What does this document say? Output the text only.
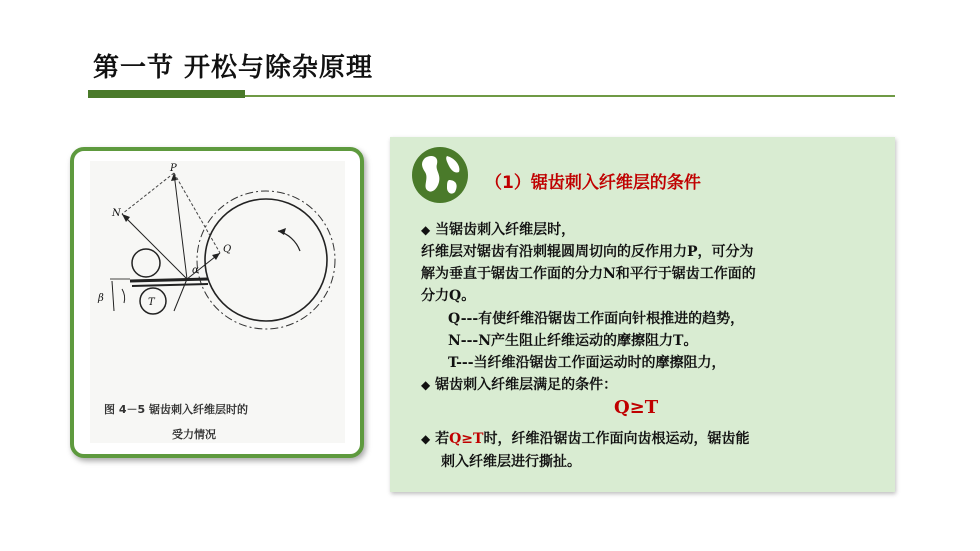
第一节 开松与除杂原理
P
N
Q
T
α
β
图 4－5 锯齿刺入纤维层时的
受力情况
（1）锯齿刺入纤维层的条件
◆ 当锯齿刺入纤维层时，
纤维层对锯齿有沿刺辊圆周切向的反作用力P，可分为
解为垂直于锯齿工作面的分力N和平行于锯齿工作面的
分力Q。
Q---有使纤维沿锯齿工作面向针根推进的趋势，
N---N产生阻止纤维运动的摩擦阻力T。
T---当纤维沿锯齿工作面运动时的摩擦阻力，
◆ 锯齿刺入纤维层满足的条件：
Q≥T
◆ 若Q≥T时，纤维沿锯齿工作面向齿根运动，锯齿能
刺入纤维层进行撕扯。
